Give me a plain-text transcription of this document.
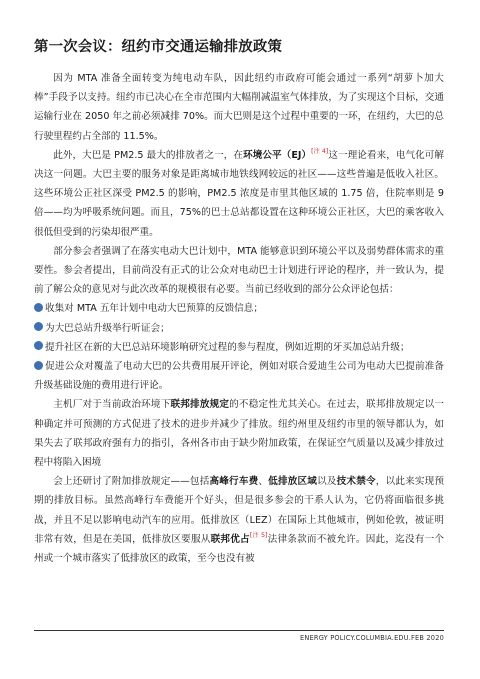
第一次会议：纽约市交通运输排放政策

因为 MTA 准备全面转变为纯电动车队，因此纽约市政府可能会通过一系列“胡萝卜加大棒”手段予以支持。纽约市已决心在全市范围内大幅削减温室气体排放，为了实现这个目标，交通运输行业在 2050 年之前必须减排 70%。而大巴则是这个过程中重要的一环，在纽约，大巴的总行驶里程约占全部的 11.5%。

此外，大巴是 PM2.5 最大的排放者之一，在环境公平（EJ）[注 4]这一理论看来，电气化可解决这一问题。大巴主要的服务对象是距离城市地铁线网较远的社区——这些普遍是低收入社区。这些环境公正社区深受 PM2.5 的影响，PM2.5 浓度是市里其他区域的 1.75 倍，住院率则是 9 倍——均为呼吸系统问题。而且，75%的巴士总站都设置在这种环境公正社区，大巴的乘客收入很低但受到的污染却很严重。

部分参会者强调了在落实电动大巴计划中，MTA 能够意识到环境公平以及弱势群体需求的重要性。参会者提出，目前尚没有正式的让公众对电动巴士计划进行评论的程序，并一致认为，提前了解公众的意见对与此次改革的规模很有必要。当前已经收到的部分公众评论包括：

收集对 MTA 五年计划中电动大巴预算的反馈信息；

为大巴总站升级举行听证会；

提升社区在新的大巴总站环境影响研究过程的参与程度，例如近期的牙买加总站升级；

促进公众对覆盖了电动大巴的公共费用展开评论，例如对联合爱迪生公司为电动大巴提前准备升级基础设施的费用进行评论。

主机厂对于当前政治环境下联邦排放规定的不稳定性尤其关心。在过去，联邦排放规定以一种确定并可预测的方式促进了技术的进步并减少了排放。纽约州里及纽约市里的领导都认为，如果失去了联邦政府强有力的指引，各州各市由于缺少附加政策，在保证空气质量以及减少排放过程中将陷入困境

会上还研讨了附加排放规定——包括高峰行车费、低排放区域以及技术禁令，以此来实现预期的排放目标。虽然高峰行车费能开个好头，但是很多参会的干系人认为，它仍将面临很多挑战，并且不足以影响电动汽车的应用。低排放区（LEZ）在国际上其他城市，例如伦敦，被证明非常有效，但是在美国，低排放区要服从联邦优占[注 5]法律条款而不被允许。因此，迄没有一个州或一个城市落实了低排放区的政策，至今也没有被

ENERGY POLICY.COLUMBIA.EDU.FEB 2020
